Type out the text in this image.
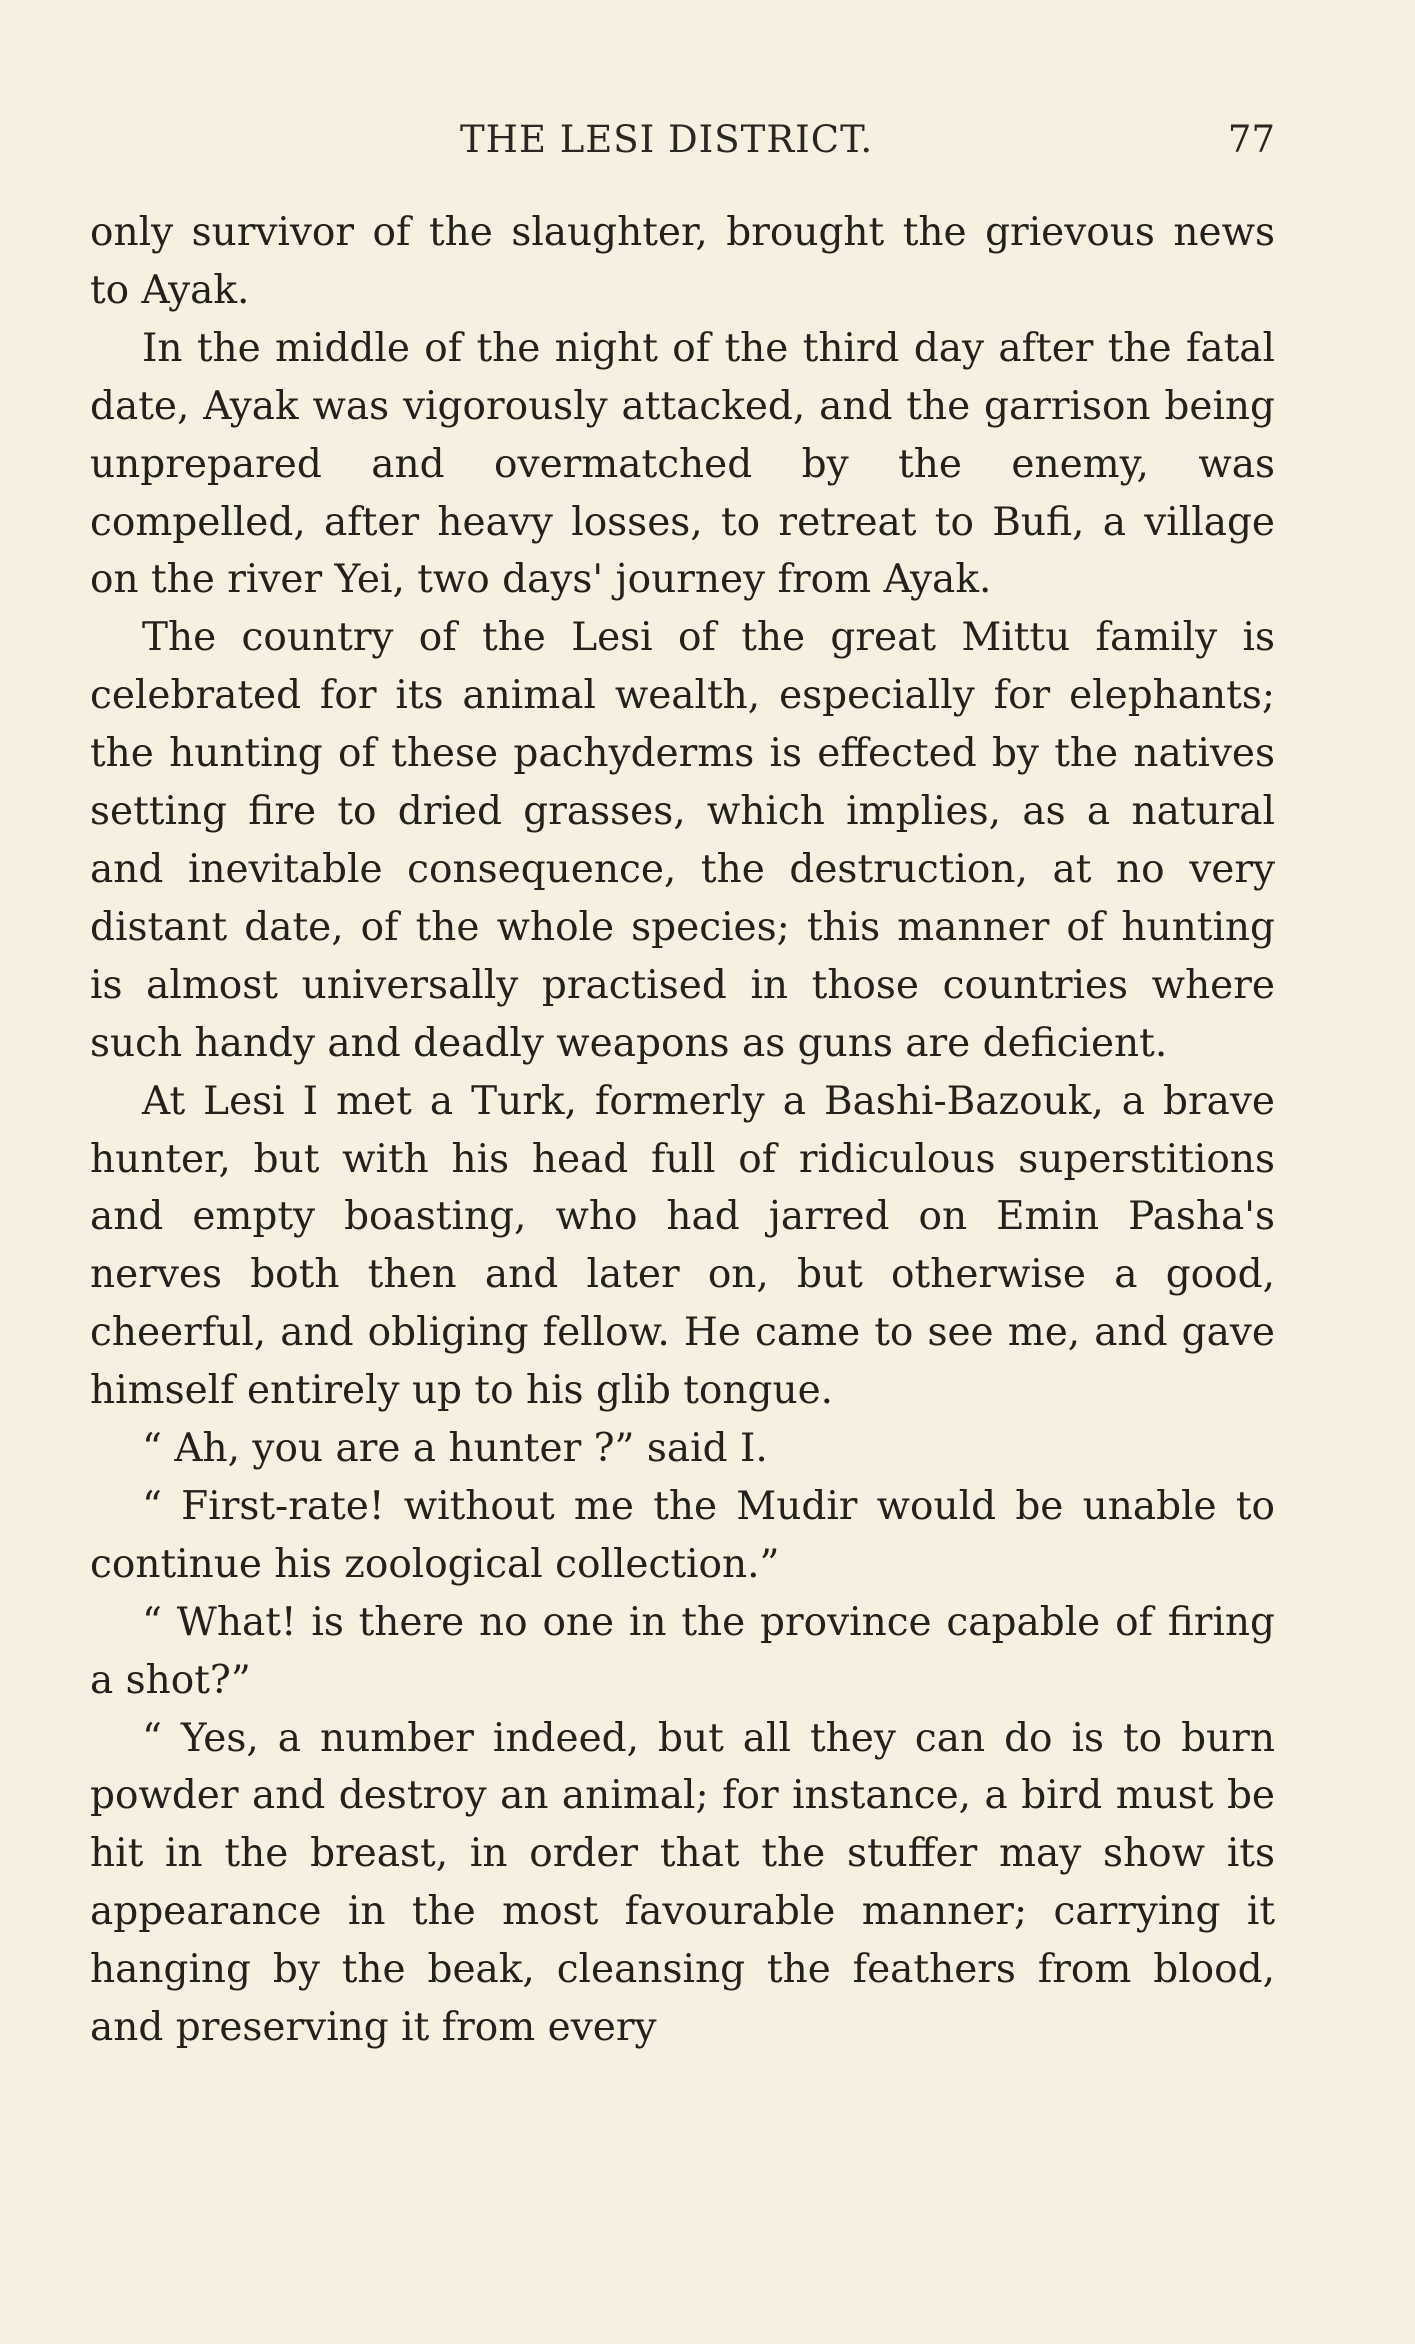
THE LESI DISTRICT.	77

only survivor of the slaughter, brought the grievous news to Ayak.

In the middle of the night of the third day after the fatal date, Ayak was vigorously attacked, and the garrison being unprepared and overmatched by the enemy, was compelled, after heavy losses, to retreat to Bufi, a village on the river Yei, two days' journey from Ayak.

The country of the Lesi of the great Mittu family is celebrated for its animal wealth, especially for elephants; the hunting of these pachyderms is effected by the natives setting fire to dried grasses, which implies, as a natural and inevitable consequence, the destruction, at no very distant date, of the whole species; this manner of hunting is almost universally practised in those countries where such handy and deadly weapons as guns are deficient.

At Lesi I met a Turk, formerly a Bashi-Bazouk, a brave hunter, but with his head full of ridiculous superstitions and empty boasting, who had jarred on Emin Pasha's nerves both then and later on, but otherwise a good, cheerful, and obliging fellow. He came to see me, and gave himself entirely up to his glib tongue.

“ Ah, you are a hunter ?” said I.

“ First-rate! without me the Mudir would be unable to continue his zoological collection.”

“ What! is there no one in the province capable of firing a shot?”

“ Yes, a number indeed, but all they can do is to burn powder and destroy an animal; for instance, a bird must be hit in the breast, in order that the stuffer may show its appearance in the most favourable manner; carrying it hanging by the beak, cleansing the feathers from blood, and preserving it from every
